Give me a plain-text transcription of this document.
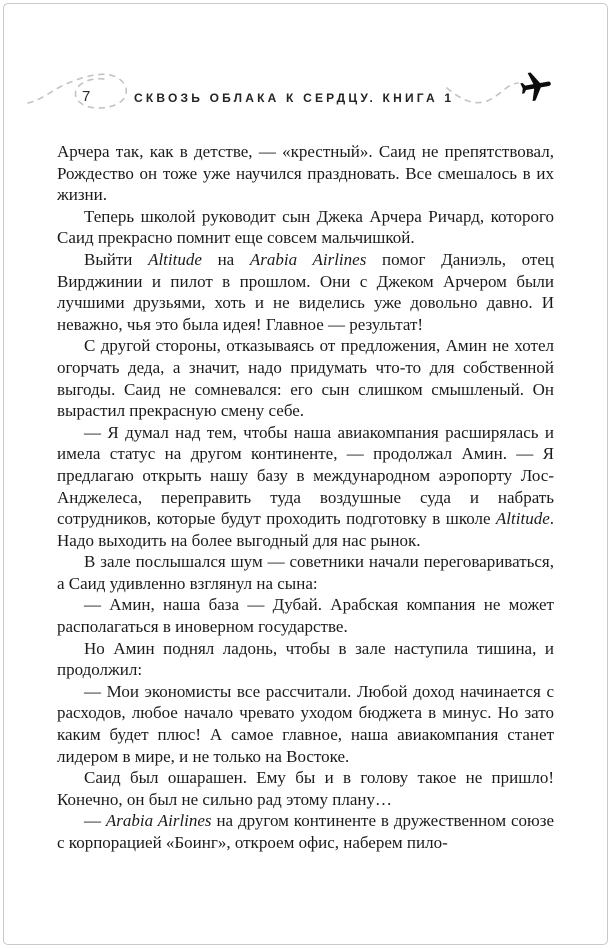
7	СКВОЗЬ ОБЛАКА К СЕРДЦУ. КНИГА 1

Арчера так, как в детстве, — «крестный». Саид не препятствовал, Рождество он тоже уже научился праздновать. Все смешалось в их жизни.

Теперь школой руководит сын Джека Арчера Ричард, которого Саид прекрасно помнит еще совсем мальчишкой.

Выйти Altitude на Arabia Airlines помог Даниэль, отец Вирджинии и пилот в прошлом. Они с Джеком Арчером были лучшими друзьями, хоть и не виделись уже довольно давно. И неважно, чья это была идея! Главное — результат!

С другой стороны, отказываясь от предложения, Амин не хотел огорчать деда, а значит, надо придумать что-то для собственной выгоды. Саид не сомневался: его сын слишком смышленый. Он вырастил прекрасную смену себе.

— Я думал над тем, чтобы наша авиакомпания расширялась и имела статус на другом континенте, — продолжал Амин. — Я предлагаю открыть нашу базу в международном аэропорту Лос-Анджелеса, переправить туда воздушные суда и набрать сотрудников, которые будут проходить подготовку в школе Altitude. Надо выходить на более выгодный для нас рынок.

В зале послышался шум — советники начали переговариваться, а Саид удивленно взглянул на сына:

— Амин, наша база — Дубай. Арабская компания не может располагаться в иноверном государстве.

Но Амин поднял ладонь, чтобы в зале наступила тишина, и продолжил:

— Мои экономисты все рассчитали. Любой доход начинается с расходов, любое начало чревато уходом бюджета в минус. Но зато каким будет плюс! А самое главное, наша авиакомпания станет лидером в мире, и не только на Востоке.

Саид был ошарашен. Ему бы и в голову такое не пришло! Конечно, он был не сильно рад этому плану…

— Arabia Airlines на другом континенте в дружественном союзе с корпорацией «Боинг», откроем офис, наберем пило-
